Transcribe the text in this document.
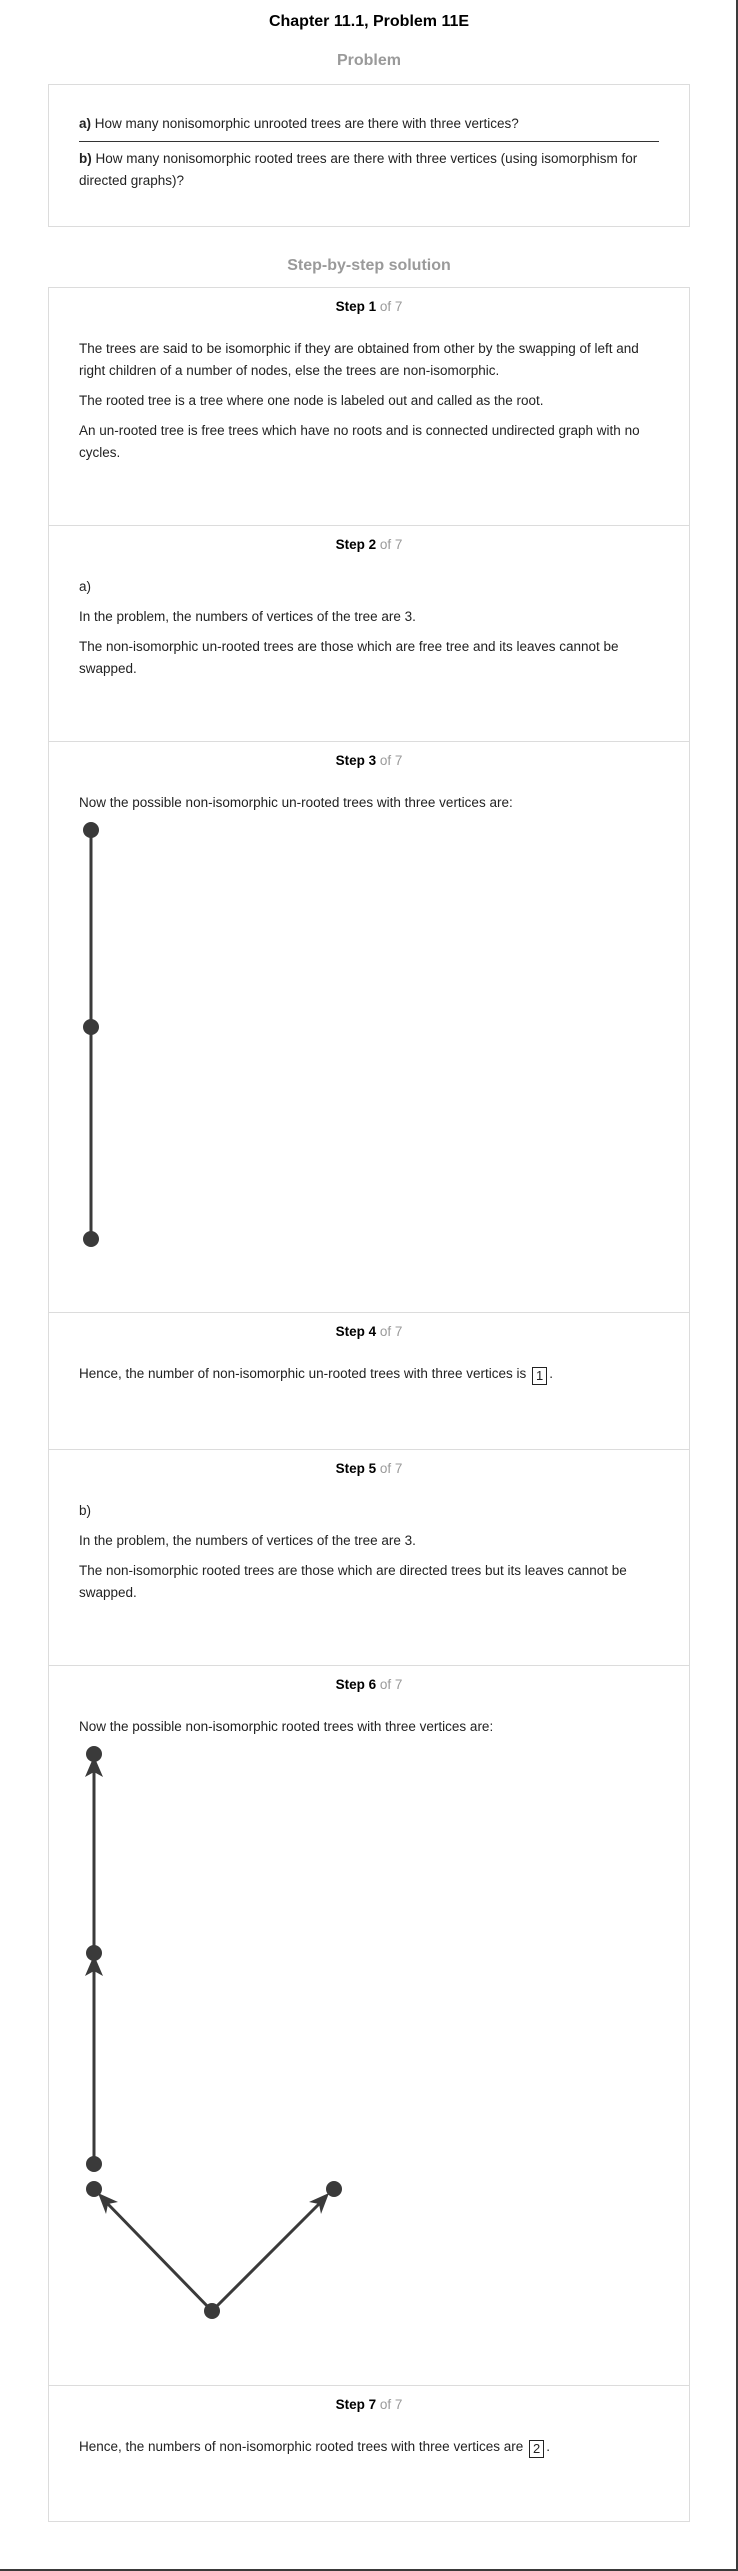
Chapter 11.1, Problem 11E
Problem
a) How many nonisomorphic unrooted trees are there with three vertices?
b) How many nonisomorphic rooted trees are there with three vertices (using isomorphism for directed graphs)?
Step-by-step solution
Step 1 of 7

The trees are said to be isomorphic if they are obtained from other by the swapping of left and right children of a number of nodes, else the trees are non-isomorphic.

The rooted tree is a tree where one node is labeled out and called as the root.

An un-rooted tree is free trees which have no roots and is connected undirected graph with no cycles.

Step 2 of 7

a)

In the problem, the numbers of vertices of the tree are 3.

The non-isomorphic un-rooted trees are those which are free tree and its leaves cannot be swapped.

Step 3 of 7

Now the possible non-isomorphic un-rooted trees with three vertices are:

Step 4 of 7

Hence, the number of non-isomorphic un-rooted trees with three vertices is 1 .

Step 5 of 7

b)

In the problem, the numbers of vertices of the tree are 3.

The non-isomorphic rooted trees are those which are directed trees but its leaves cannot be swapped.

Step 6 of 7

Now the possible non-isomorphic rooted trees with three vertices are:

Step 7 of 7

Hence, the numbers of non-isomorphic rooted trees with three vertices are 2 .
